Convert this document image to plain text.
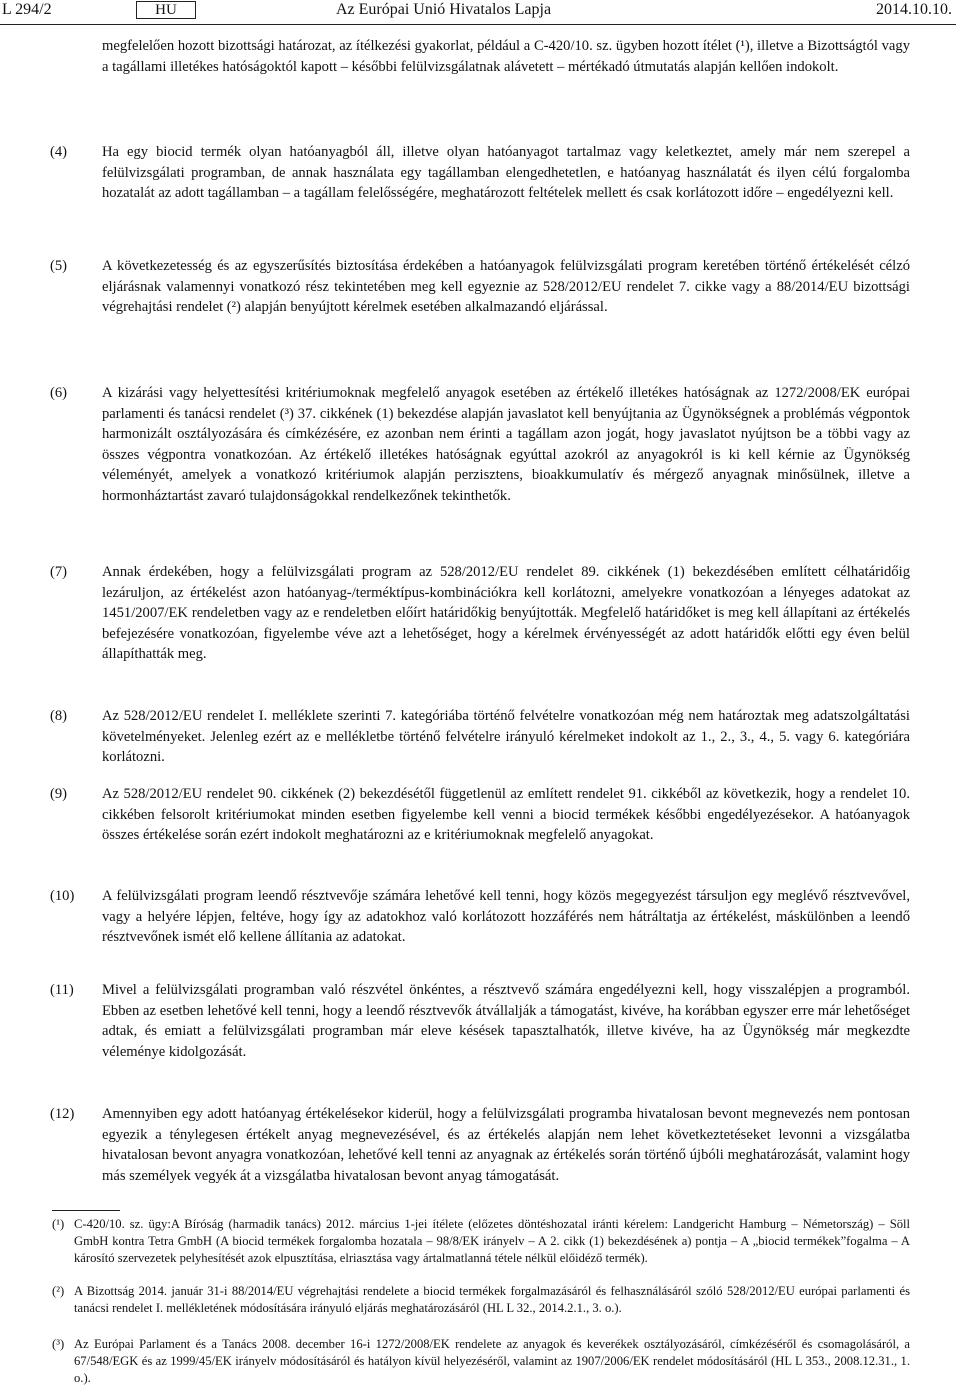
L 294/2	HU	Az Európai Unió Hivatalos Lapja	2014.10.10.
megfelelően hozott bizottsági határozat, az ítélkezési gyakorlat, például a C-420/10. sz. ügyben hozott ítélet (¹), illetve a Bizottságtól vagy a tagállami illetékes hatóságoktól kapott – későbbi felülvizsgálatnak alávetett – mértékadó útmutatás alapján kellően indokolt.
(4)	Ha egy biocid termék olyan hatóanyagból áll, illetve olyan hatóanyagot tartalmaz vagy keletkeztet, amely már nem szerepel a felülvizsgálati programban, de annak használata egy tagállamban elengedhetetlen, e hatóanyag használatát és ilyen célú forgalomba hozatalát az adott tagállamban – a tagállam felelősségére, meghatározott feltételek mellett és csak korlátozott időre – engedélyezni kell.
(5)	A következetesség és az egyszerűsítés biztosítása érdekében a hatóanyagok felülvizsgálati program keretében történő értékelését célzó eljárásnak valamennyi vonatkozó rész tekintetében meg kell egyeznie az 528/2012/EU rendelet 7. cikke vagy a 88/2014/EU bizottsági végrehajtási rendelet (²) alapján benyújtott kérelmek esetében alkalmazandó eljárással.
(8)	Az 528/2012/EU rendelet I. melléklete szerinti 7. kategóriába történő felvételre vonatkozóan még nem határoztak meg adatszolgáltatási követelményeket. Jelenleg ezért az e mellékletbe történő felvételre irányuló kérelmeket indokolt az 1., 2., 3., 4., 5. vagy 6. kategóriára korlátozni.
(6)	A kizárási vagy helyettesítési kritériumoknak megfelelő anyagok esetében az értékelő illetékes hatóságnak az 1272/2008/EK európai parlamenti és tanácsi rendelet (³) 37. cikkének (1) bekezdése alapján javaslatot kell benyújtania az Ügynökségnek a problémás végpontok harmonizált osztályozására és címkézésére, ez azonban nem érinti a tagállam azon jogát, hogy javaslatot nyújtson be a többi vagy az összes végpontra vonatkozóan. Az értékelő illetékes hatóságnak egyúttal azokról az anyagokról is ki kell kérnie az Ügynökség véleményét, amelyek a vonatkozó kritériumok alapján perzisztens, bioakkumulatív és mérgező anyagnak minősülnek, illetve a hormonháztartást zavaró tulajdonságokkal rendelkezőnek tekinthetők.
(7)	Annak érdekében, hogy a felülvizsgálati program az 528/2012/EU rendelet 89. cikkének (1) bekezdésében említett célhatáridőig lezáruljon, az értékelést azon hatóanyag-/terméktípus-kombinációkra kell korlátozni, amelyekre vonatkozóan a lényeges adatokat az 1451/2007/EK rendeletben vagy az e rendeletben előírt határidőkig benyújtották. Megfelelő határidőket is meg kell állapítani az értékelés befejezésére vonatkozóan, figyelembe véve azt a lehetőséget, hogy a kérelmek érvényességét az adott határidők előtti egy éven belül állapíthatták meg.
(9)	Az 528/2012/EU rendelet 90. cikkének (2) bekezdésétől függetlenül az említett rendelet 91. cikkéből az következik, hogy a rendelet 10. cikkében felsorolt kritériumokat minden esetben figyelembe kell venni a biocid termékek későbbi engedélyezésekor. A hatóanyagok összes értékelése során ezért indokolt meghatározni az e kritériumoknak megfelelő anyagokat.
(10)	A felülvizsgálati program leendő résztvevője számára lehetővé kell tenni, hogy közös megegyezést társuljon egy meglévő résztvevővel, vagy a helyére lépjen, feltéve, hogy így az adatokhoz való korlátozott hozzáférés nem hátráltatja az értékelést, máskülönben a leendő résztvevőnek ismét elő kellene állítania az adatokat.
(11)	Mivel a felülvizsgálati programban való részvétel önkéntes, a résztvevő számára engedélyezni kell, hogy visszalépjen a programból. Ebben az esetben lehetővé kell tenni, hogy a leendő résztvevők átvállalják a támogatást, kivéve, ha korábban egyszer erre már lehetőséget adtak, és emiatt a felülvizsgálati programban már eleve késések tapasztalhatók, illetve kivéve, ha az Ügynökség már megkezdte véleménye kidolgozását.
(12)	Amennyiben egy adott hatóanyag értékelésekor kiderül, hogy a felülvizsgálati programba hivatalosan bevont megnevezés nem pontosan egyezik a ténylegesen értékelt anyag megnevezésével, és az értékelés alapján nem lehet következtetéseket levonni a vizsgálatba hivatalosan bevont anyagra vonatkozóan, lehetővé kell tenni az anyagnak az értékelés során történő újbóli meghatározását, valamint hogy más személyek vegyék át a vizsgálatba hivatalosan bevont anyag támogatását.
(¹) C-420/10. sz. ügy:A Bíróság (harmadik tanács) 2012. március 1-jei ítélete (előzetes döntéshozatal iránti kérelem: Landgericht Hamburg – Németország) – Söll GmbH kontra Tetra GmbH (A biocid termékek forgalomba hozatala – 98/8/EK irányelv – A 2. cikk (1) bekezdésének a) pontja – A „biocid termékek”fogalma – A károsító szervezetek pelyhesítését azok elpusztítása, elriasztása vagy ártalmatlanná tétele nélkül előidéző termék).
(²) A Bizottság 2014. január 31-i 88/2014/EU végrehajtási rendelete a biocid termékek forgalmazásáról és felhasználásáról szóló 528/2012/EU európai parlamenti és tanácsi rendelet I. mellékletének módosítására irányuló eljárás meghatározásáról (HL L 32., 2014.2.1., 3. o.).
(³) Az Európai Parlament és a Tanács 2008. december 16-i 1272/2008/EK rendelete az anyagok és keverékek osztályozásáról, címkézéséről és csomagolásáról, a 67/548/EGK és az 1999/45/EK irányelv módosításáról és hatályon kívül helyezéséről, valamint az 1907/2006/EK rendelet módosításáról (HL L 353., 2008.12.31., 1. o.).
